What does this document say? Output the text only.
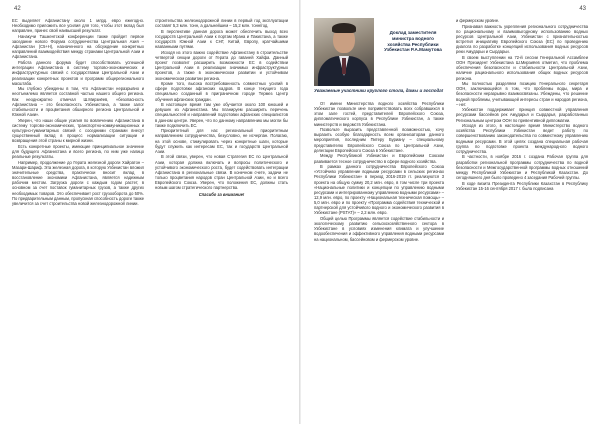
42

ЕС выделяет Афганистану около 1 млрд. евро ежегодно. Необходимо приложить все усилия для того, чтобы этот вклад был направлен, принес свой наивысший результат.

Нанакучи Ташкентской конференции также пройдет первое заседание нового Форума сотрудничества Центральная Азия – Афганистан (C5+Н), назначенного на обсуждение конкретных направлений взаимодействия между странами Центральной Азии и Афганистана.

Работа данного форума будет способствовать успешной интеграции Афганистана в систему торгово-экономических и инфраструктурных связей с государствами Центральной Азии и реализации конкретных проектов и программ общерегионального масштаба.

Мы глубоко убеждены в том, что Афганистан неразрывно и неотъемлемо является составной частью нашего общего региона. Как неоднократно отмечал Ш.Мирзиёев, «безопасность Афганистана – это безопасность Узбекистана, а также залог стабильности и процветания обширного региона Центральной и Южной Азии».

Уверен, что наши общие усилия по вовлечению Афганистана в систему торгово-экономических, транспортно-коммуникационных и культурно-гуманитарных связей с соседними странами внесут существенный вклад в процесс нормализации ситуации и возвращения этой страны к мирной жизни.

Есть конкретные проекты, имеющие принципиальное значение для будущего Афганистана и всего региона, по ним уже налицо реальные результаты.

Например, продолжение до Герата железной дороги Хайратон – Мазари-Шариф. Эта железная дорога, в которую Узбекистан вложил значительные средства, практически вносит вклад в восстановление экономики Афганистана, является надежным рабочим местом. Загрузка дороги с каждым годом растет, в основном за счет поставок гуманитарных грузов, а также других необходимых товаров. Это обеспечивает рост грузооборота до 50%. По предварительным данным, пропускная способность дороги также увеличится за счет строительства новой железнодорожной линии.

строительства железнодорожной линии в первый год эксплуатации составят 5,3 млн. тонн, а дальнейшем – 15,2 млн. тонн/год.

В перспективе данная дорога может обеспечить выход всех государств Центральной Азии к портам Ирана и Пакистана, а также государств Южной Азии к СНГ, Китай, Европу, кратчайшими названными путями.

Исходя из этого важно содействие Афганистану в строительстве четвертой секции дороги от Герата до гаваней Хайфа. Данный проект позволит расширить возможности ЕС в содействии Центральной Азии в реализации значимых инфраструктурных проектов, а также в экономическом развитии и устойчивом экономическом развитии региона.

Кроме того, высока востребованность совместных усилий в сфере подготовки афганских кадров. В конце текущего года специально созданный в приграничном городе Термез Центр обучения афганских граждан.

В настоящее время там уже обучается около 100 юношей и девушек из Афганистана. Мы планируем расширить перечень специальностей и направлений подготовки афганских специалистов в данном центре. Уверен, что по данному направлению мы могли бы также подключить ЕС.

Приоритетный для нас региональный приоритетным направлением сотрудничества, безусловно, не исчерпан. Полагаю, на этой основе, стимулировать через конкретные шаги, которые будут служить как интересам ЕС, так и государств Центральной Азии.

В этой связи, уверен, что новая Стратегия ЕС по Центральной Азии, которая должна включать и вопросы политического и устойчивого экономического роста, будет содействовать интеграции Афганистана в региональные связи. В конечном счете, задачи не только процветания народов стран Центральной Азии, но и всего Европейского Союза. Уверен, что положения ЕС, должны стать новым шагом стратегического партнерства.

Спасибо за внимание!

43
Доклад заместителя министра водного хозяйства Республики Узбекистан Р.А.Мамутова
Уважаемые участники круглого стола, дамы и господа!

От имени Министерства водного хозяйства Республики Узбекистан позвольте мне поприветствовать всех собравшихся в этом зале гостей, представителей Европейского Союза, дипломатического корпуса в Республике Узбекистан, а также министерств и ведомств Узбекистана.

Позвольте выразить представленной возможностью, хочу выразить особую благодарность всем организаторам данного мероприятия, последним Питеру Буриану – специальному представителю Европейского Союза по Центральной Азии, делегации Европейского Союза в Узбекистане.

Между Республикой Узбекистан и Европейским Союзом развивается тесное сотрудничество в сфере водного хозяйства.

В рамках данного сотрудничества Европейского Союза «Устойчиво управление водными ресурсами в сельских регионах Республики Узбекистан» в период 2016-2019 гг. реализуются 3 проекта на общую сумму 20,2 млн. евро, в том числе три проекта «Национальные политики и концепции по управлению водными ресурсами и интегрированному управлению водными ресурсами» – 12,9 млн. евро, по проекту «Национальная техническая помощь» – 5,0 млн. евро и по проекту «Программа содействия технической и партнерской для устойчивого водного и экономического развития в Узбекистане (PSTAT)» – 2,2 млн. евро.

Общей целью Программы является содействие стабильности и экологическому развитию сельскохозяйственного сектора в Узбекистане в условиях изменения климата и улучшение водообеспечения и эффективного управления водными ресурсами на национальном, бассейновом и фермерском уровне.

и фермерском уровне.

Признавая важность укрепления регионального сотрудничества по рациональному и взаимовыгодному использованию водных ресурсов Центральной Азии, Узбекистан с признательностью встретил инициативу Европейского Союза (ЕС) по проведению диалога по разработке концепций использования водных ресурсов реки Амударьи и Сырдарьи.

В своем выступлении на 72-й сессии Генеральной Ассамблеи ООН Президент Узбекистана Ш.Мирзиёев отметил, что проблема обеспечения безопасности и стабильности Центральной Азии, наличие рационального использования общих водных ресурсов региона.

Мы полностью разделяем позицию Генерального секретаря ООН, заключающейся в том, что проблемы воды, мира и безопасности неразрывно взаимосвязаны. Убеждены, что решение водной проблемы, учитывающей интересы стран и народов региона, – нет.

Узбекистан поддерживает принцип совместной управления ресурсами бассейнов рек Амударья и Сырдарья, разработанных Региональным центром ООН по превентивной дипломатии.

Исходя из этого, в настоящее время Министерство водного хозяйства Республики Узбекистан ведет работу по совершенствованию законодательства по совместному управлению водными ресурсами. В этой целях создана специальная рабочая группа по подготовке проекта международного водного сотрудничества.

В частности, в ноябре 2016 г. создана Рабочая группа для разработки региональной программы сотрудничества по водной безопасности и Межгосударственной программы водных отношений между Республикой Узбекистан и Республикой Казахстан. До сегодняшнего дня было проведено 4 заседания Рабочей группы.

В ходе визита Президента Республики Казахстан в Республику Узбекистан 15-16 сентября 2017 г. была подписана
